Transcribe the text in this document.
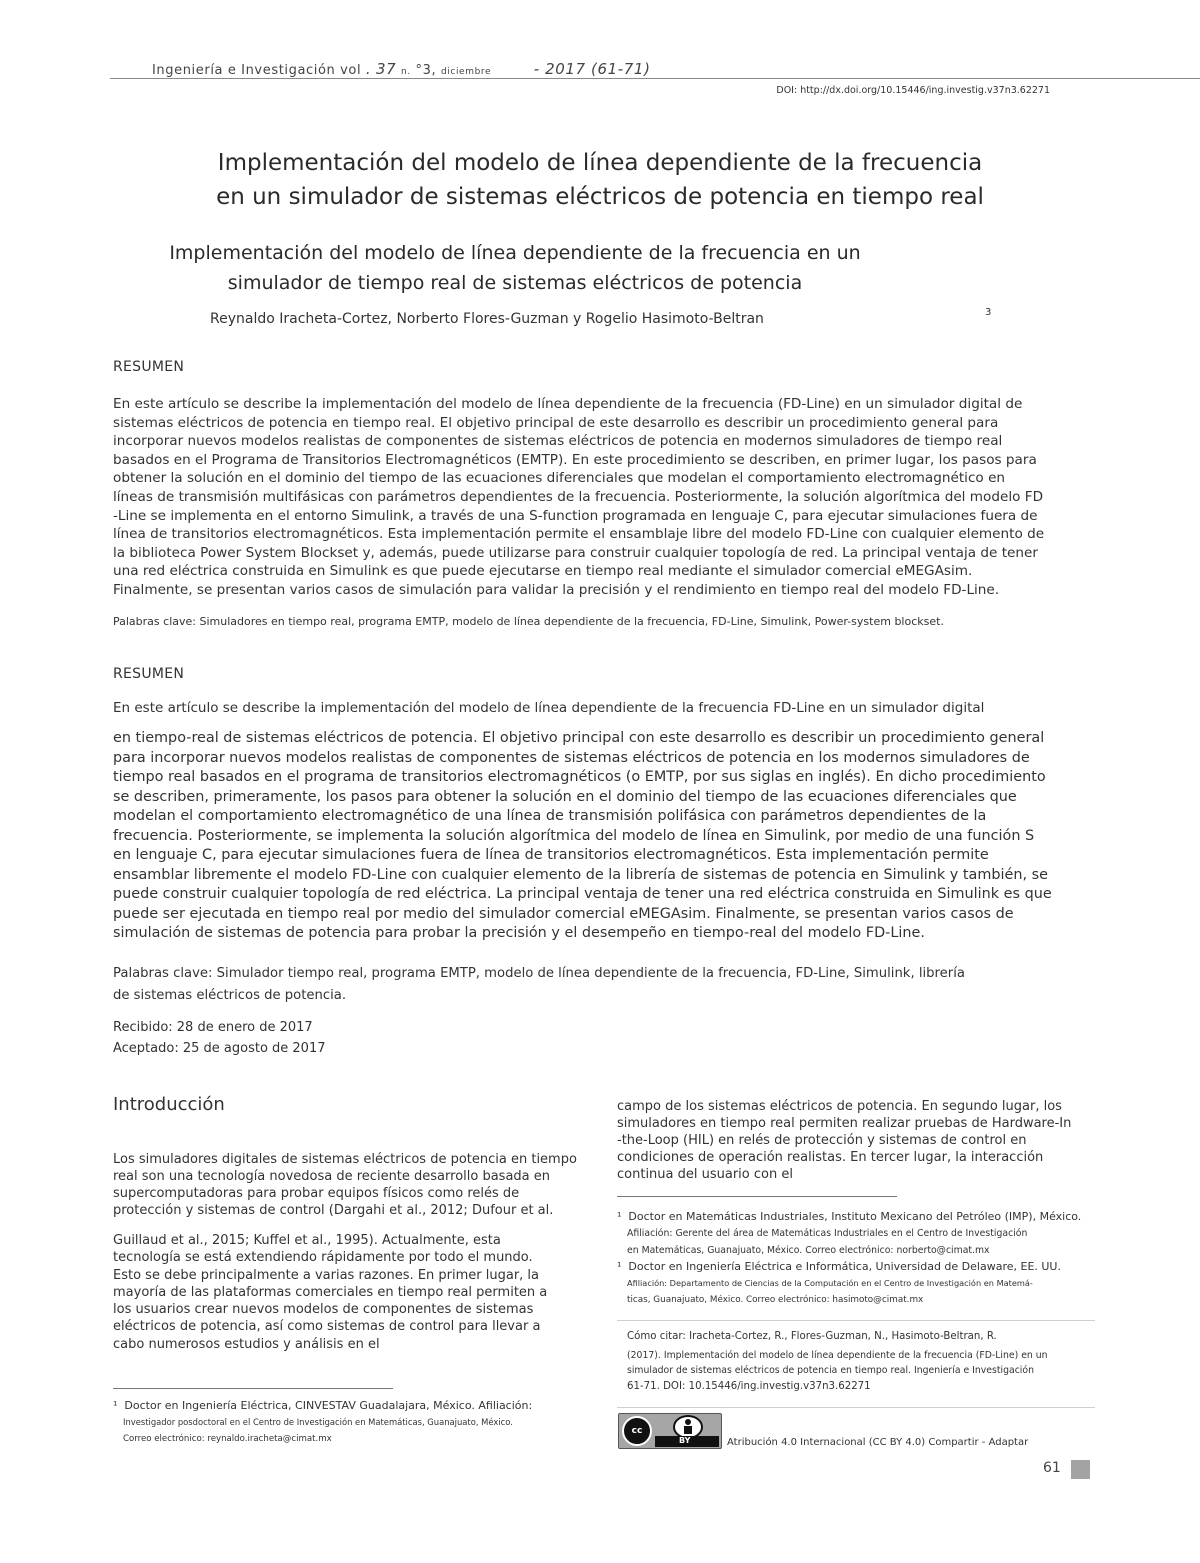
Ingeniería e Investigación vol . 37 n. °3, diciembre	- 2017 (61-71)
DOI: http://dx.doi.org/10.15446/ing.investig.v37n3.62271
Implementación del modelo de línea dependiente de la frecuencia
en un simulador de sistemas eléctricos de potencia en tiempo real
Implementación del modelo de línea dependiente de la frecuencia en un
simulador de tiempo real de sistemas eléctricos de potencia
Reynaldo Iracheta-Cortez, Norberto Flores-Guzman y Rogelio Hasimoto-Beltran	3
RESUMEN
En este artículo se describe la implementación del modelo de línea dependiente de la frecuencia (FD-Line) en un simulador digital de
sistemas eléctricos de potencia en tiempo real. El objetivo principal de este desarrollo es describir un procedimiento general para
incorporar nuevos modelos realistas de componentes de sistemas eléctricos de potencia en modernos simuladores de tiempo real
basados en el Programa de Transitorios Electromagnéticos (EMTP). En este procedimiento se describen, en primer lugar, los pasos para
obtener la solución en el dominio del tiempo de las ecuaciones diferenciales que modelan el comportamiento electromagnético en
líneas de transmisión multifásicas con parámetros dependientes de la frecuencia. Posteriormente, la solución algorítmica del modelo FD
-Line se implementa en el entorno Simulink, a través de una S-function programada en lenguaje C, para ejecutar simulaciones fuera de
línea de transitorios electromagnéticos. Esta implementación permite el ensamblaje libre del modelo FD-Line con cualquier elemento de
la biblioteca Power System Blockset y, además, puede utilizarse para construir cualquier topología de red. La principal ventaja de tener
una red eléctrica construida en Simulink es que puede ejecutarse en tiempo real mediante el simulador comercial eMEGAsim.
Finalmente, se presentan varios casos de simulación para validar la precisión y el rendimiento en tiempo real del modelo FD-Line.
Palabras clave: Simuladores en tiempo real, programa EMTP, modelo de línea dependiente de la frecuencia, FD-Line, Simulink, Power-system blockset.
RESUMEN
En este artículo se describe la implementación del modelo de línea dependiente de la frecuencia FD-Line en un simulador digital
en tiempo-real de sistemas eléctricos de potencia. El objetivo principal con este desarrollo es describir un procedimiento general
para incorporar nuevos modelos realistas de componentes de sistemas eléctricos de potencia en los modernos simuladores de
tiempo real basados en el programa de transitorios electromagnéticos (o EMTP, por sus siglas en inglés). En dicho procedimiento
se describen, primeramente, los pasos para obtener la solución en el dominio del tiempo de las ecuaciones diferenciales que
modelan el comportamiento electromagnético de una línea de transmisión polifásica con parámetros dependientes de la
frecuencia. Posteriormente, se implementa la solución algorítmica del modelo de línea en Simulink, por medio de una función S
en lenguaje C, para ejecutar simulaciones fuera de línea de transitorios electromagnéticos. Esta implementación permite
ensamblar libremente el modelo FD-Line con cualquier elemento de la librería de sistemas de potencia en Simulink y también, se
puede construir cualquier topología de red eléctrica. La principal ventaja de tener una red eléctrica construida en Simulink es que
puede ser ejecutada en tiempo real por medio del simulador comercial eMEGAsim. Finalmente, se presentan varios casos de
simulación de sistemas de potencia para probar la precisión y el desempeño en tiempo-real del modelo FD-Line.
Palabras clave: Simulador tiempo real, programa EMTP, modelo de línea dependiente de la frecuencia, FD-Line, Simulink, librería
de sistemas eléctricos de potencia.
Recibido: 28 de enero de 2017
Aceptado: 25 de agosto de 2017
Introducción
Los simuladores digitales de sistemas eléctricos de potencia en tiempo
real son una tecnología novedosa de reciente desarrollo basada en
supercomputadoras para probar equipos físicos como relés de
protección y sistemas de control (Dargahi et al., 2012; Dufour et al.
Guillaud et al., 2015; Kuffel et al., 1995). Actualmente, esta
tecnología se está extendiendo rápidamente por todo el mundo.
Esto se debe principalmente a varias razones. En primer lugar, la
mayoría de las plataformas comerciales en tiempo real permiten a
los usuarios crear nuevos modelos de componentes de sistemas
eléctricos de potencia, así como sistemas de control para llevar a
cabo numerosos estudios y análisis en el
campo de los sistemas eléctricos de potencia. En segundo lugar, los
simuladores en tiempo real permiten realizar pruebas de Hardware-In
-the-Loop (HIL) en relés de protección y sistemas de control en
condiciones de operación realistas. En tercer lugar, la interacción
continua del usuario con el
¹ Doctor en Matemáticas Industriales, Instituto Mexicano del Petróleo (IMP), México.
Afiliación: Gerente del área de Matemáticas Industriales en el Centro de Investigación
en Matemáticas, Guanajuato, México. Correo electrónico: norberto@cimat.mx
¹ Doctor en Ingeniería Eléctrica e Informática, Universidad de Delaware, EE. UU.
Afiliación: Departamento de Ciencias de la Computación en el Centro de Investigación en Matemá-
ticas, Guanajuato, México. Correo electrónico: hasimoto@cimat.mx
Cómo citar: Iracheta-Cortez, R., Flores-Guzman, N., Hasimoto-Beltran, R.
(2017). Implementación del modelo de línea dependiente de la frecuencia (FD-Line) en un
simulador de sistemas eléctricos de potencia en tiempo real. Ingeniería e Investigación
61-71. DOI: 10.15446/ing.investig.v37n3.62271
cc
BY	Atribución 4.0 Internacional (CC BY 4.0) Compartir - Adaptar
¹ Doctor en Ingeniería Eléctrica, CINVESTAV Guadalajara, México. Afiliación:
Investigador posdoctoral en el Centro de Investigación en Matemáticas, Guanajuato, México.
Correo electrónico: reynaldo.iracheta@cimat.mx
61
